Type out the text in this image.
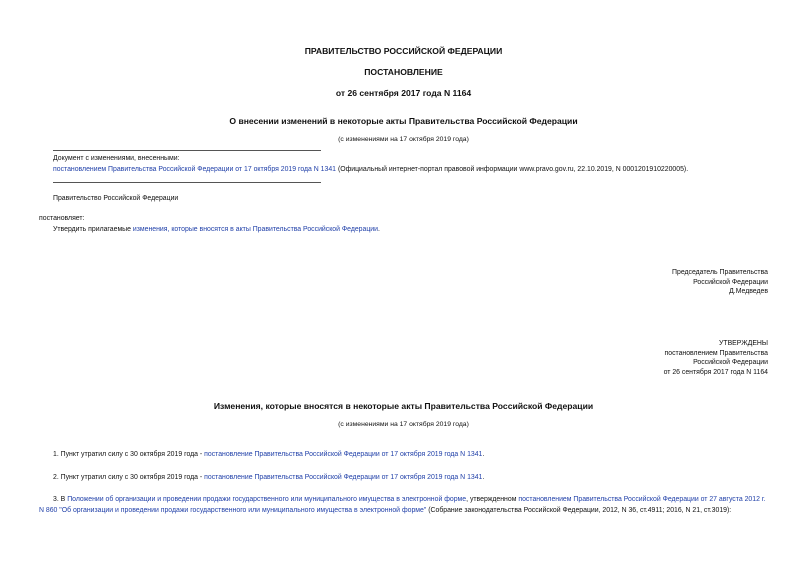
ПРАВИТЕЛЬСТВО РОССИЙСКОЙ ФЕДЕРАЦИИ
ПОСТАНОВЛЕНИЕ
от 26 сентября 2017 года N 1164
О внесении изменений в некоторые акты Правительства Российской Федерации
(с изменениями на 17 октября 2019 года)
Документ с изменениями, внесенными:
постановлением Правительства Российской Федерации от 17 октября 2019 года N 1341 (Официальный интернет-портал правовой информации www.pravo.gov.ru, 22.10.2019, N 0001201910220005).
Правительство Российской Федерации
постановляет:
Утвердить прилагаемые изменения, которые вносятся в акты Правительства Российской Федерации.
Председатель Правительства
Российской Федерации
Д.Медведев
УТВЕРЖДЕНЫ
постановлением Правительства
Российской Федерации
от 26 сентября 2017 года N 1164
Изменения, которые вносятся в некоторые акты Правительства Российской Федерации
(с изменениями на 17 октября 2019 года)
1. Пункт утратил силу с 30 октября 2019 года - постановление Правительства Российской Федерации от 17 октября 2019 года N 1341.
2. Пункт утратил силу с 30 октября 2019 года - постановление Правительства Российской Федерации от 17 октября 2019 года N 1341.
3. В Положении об организации и проведении продажи государственного или муниципального имущества в электронной форме, утвержденном постановлением Правительства Российской Федерации от 27 августа 2012 г. N 860 "Об организации и проведении продажи государственного или муниципального имущества в электронной форме" (Собрание законодательства Российской Федерации, 2012, N 36, ст.4911; 2016, N 21, ст.3019):
